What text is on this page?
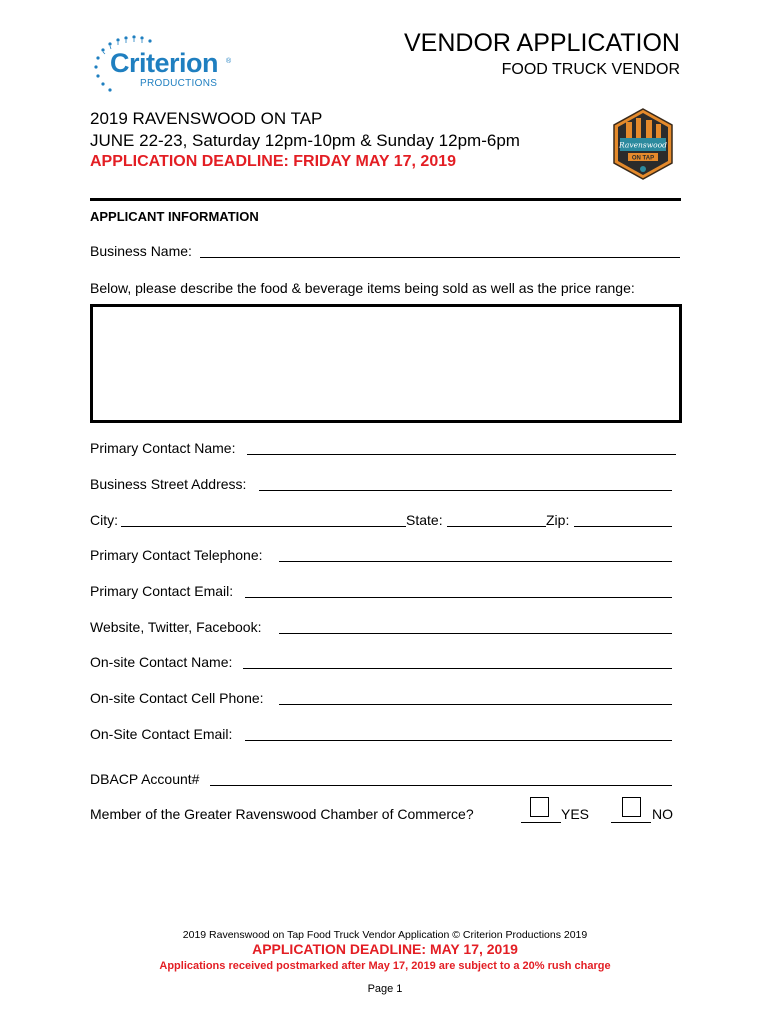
Criterion ®
PRODUCTIONS
VENDOR APPLICATION
FOOD TRUCK VENDOR
2019 RAVENSWOOD ON TAP
JUNE 22-23, Saturday 12pm-10pm & Sunday 12pm-6pm
APPLICATION DEADLINE: FRIDAY MAY 17, 2019
Ravenswood
ON TAP
APPLICANT INFORMATION
Business Name:
Below, please describe the food & beverage items being sold as well as the price range:
Primary Contact Name:
Business Street Address:
City:	State:	Zip:
Primary Contact Telephone:
Primary Contact Email:
Website, Twitter, Facebook:
On-site Contact Name:
On-site Contact Cell Phone:
On-Site Contact Email:
DBACP Account#
Member of the Greater Ravenswood Chamber of Commerce?	YES	NO
2019 Ravenswood on Tap Food Truck Vendor Application © Criterion Productions 2019
APPLICATION DEADLINE: MAY 17, 2019
Applications received postmarked after May 17, 2019 are subject to a 20% rush charge
Page 1
